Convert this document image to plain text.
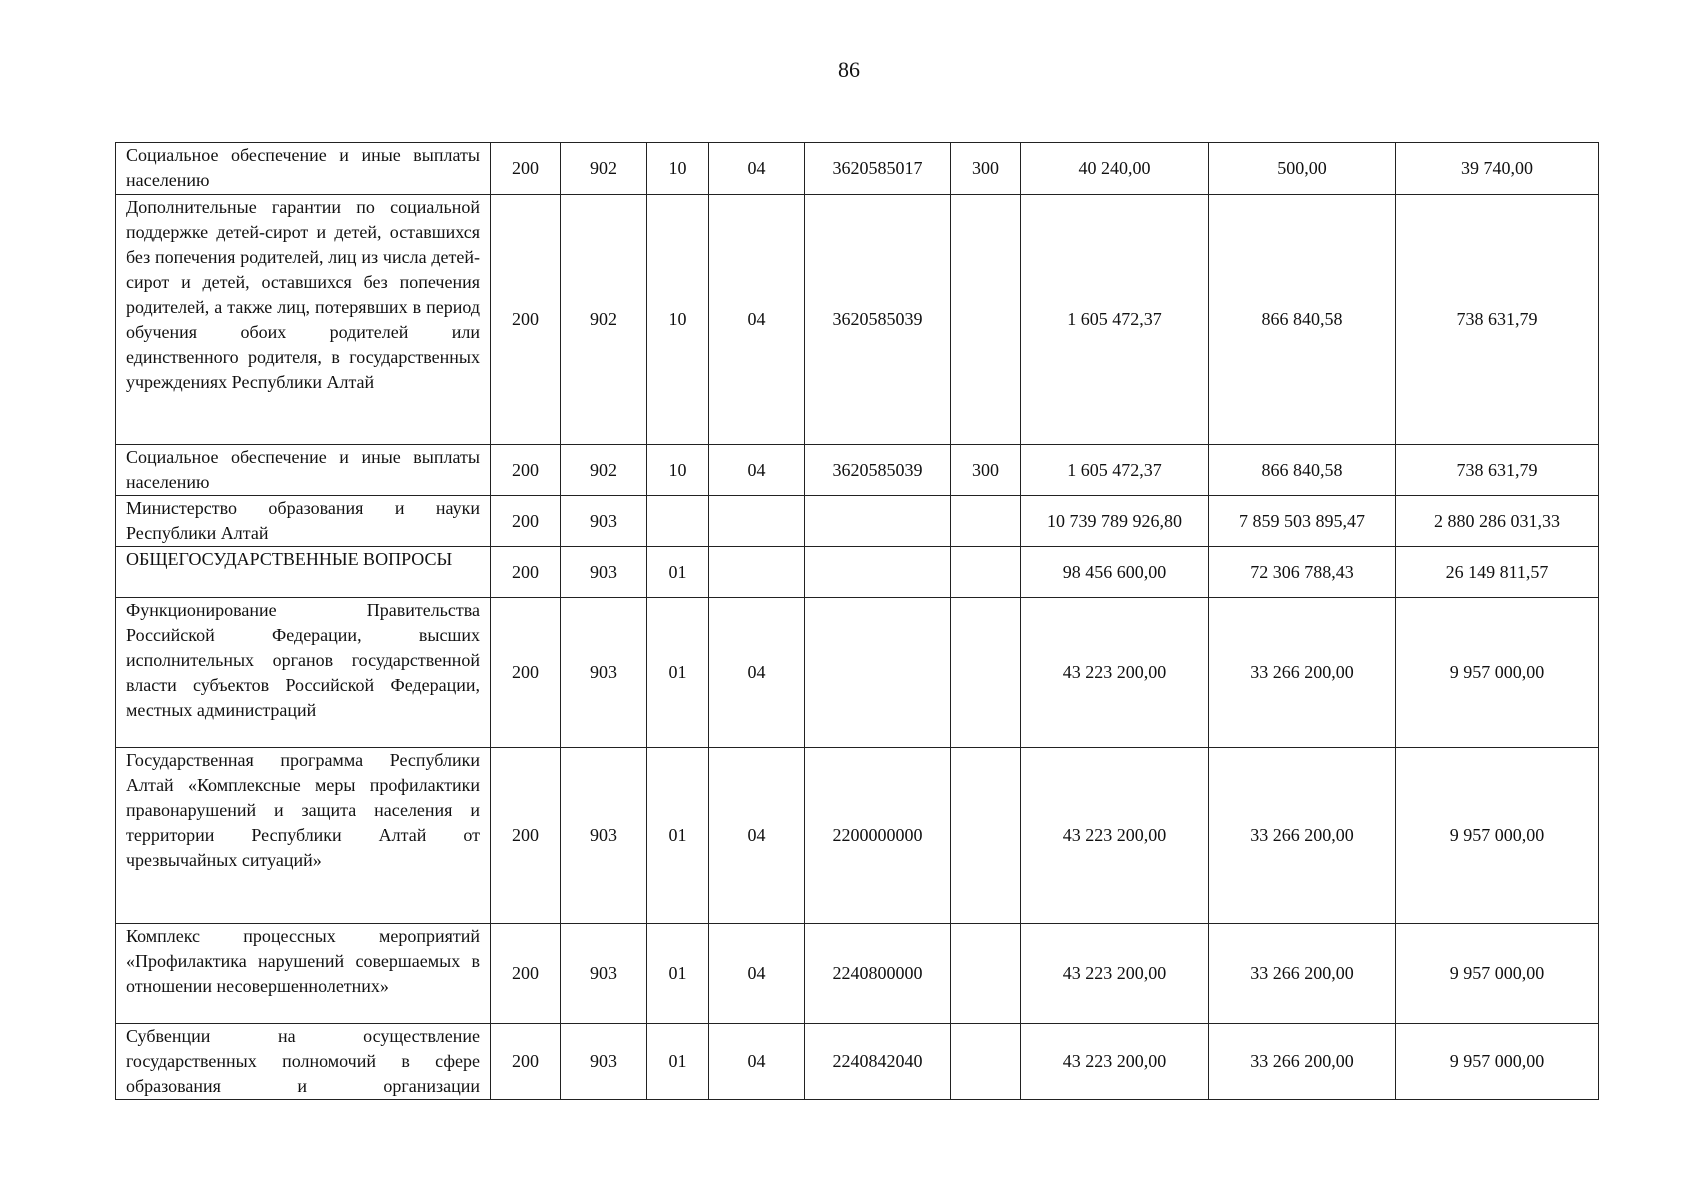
86
Социальное обеспечение и иные выплаты населению	200	902	10	04	3620585017	300	40 240,00	500,00	39 740,00
Дополнительные гарантии по социальной поддержке детей-сирот и детей, оставшихся без попечения родителей, лиц из числа детей-сирот и детей, оставшихся без попечения родителей, а также лиц, потерявших в период обучения обоих родителей или единственного родителя, в государственных учреждениях Республики Алтай	200	902	10	04	3620585039		1 605 472,37	866 840,58	738 631,79
Социальное обеспечение и иные выплаты населению	200	902	10	04	3620585039	300	1 605 472,37	866 840,58	738 631,79
Министерство образования и науки Республики Алтай	200	903					10 739 789 926,80	7 859 503 895,47	2 880 286 031,33
ОБЩЕГОСУДАРСТВЕННЫЕ ВОПРОСЫ	200	903	01				98 456 600,00	72 306 788,43	26 149 811,57
Функционирование Правительства Российской Федерации, высших исполнительных органов государственной власти субъектов Российской Федерации, местных администраций	200	903	01	04			43 223 200,00	33 266 200,00	9 957 000,00
Государственная программа Республики Алтай «Комплексные меры профилактики правонарушений и защита населения и территории Республики Алтай от чрезвычайных ситуаций»	200	903	01	04	2200000000		43 223 200,00	33 266 200,00	9 957 000,00
Комплекс процессных мероприятий «Профилактика нарушений совершаемых в отношении несовершеннолетних»	200	903	01	04	2240800000		43 223 200,00	33 266 200,00	9 957 000,00
Субвенции на осуществление государственных полномочий в сфере образования и организации	200	903	01	04	2240842040		43 223 200,00	33 266 200,00	9 957 000,00
